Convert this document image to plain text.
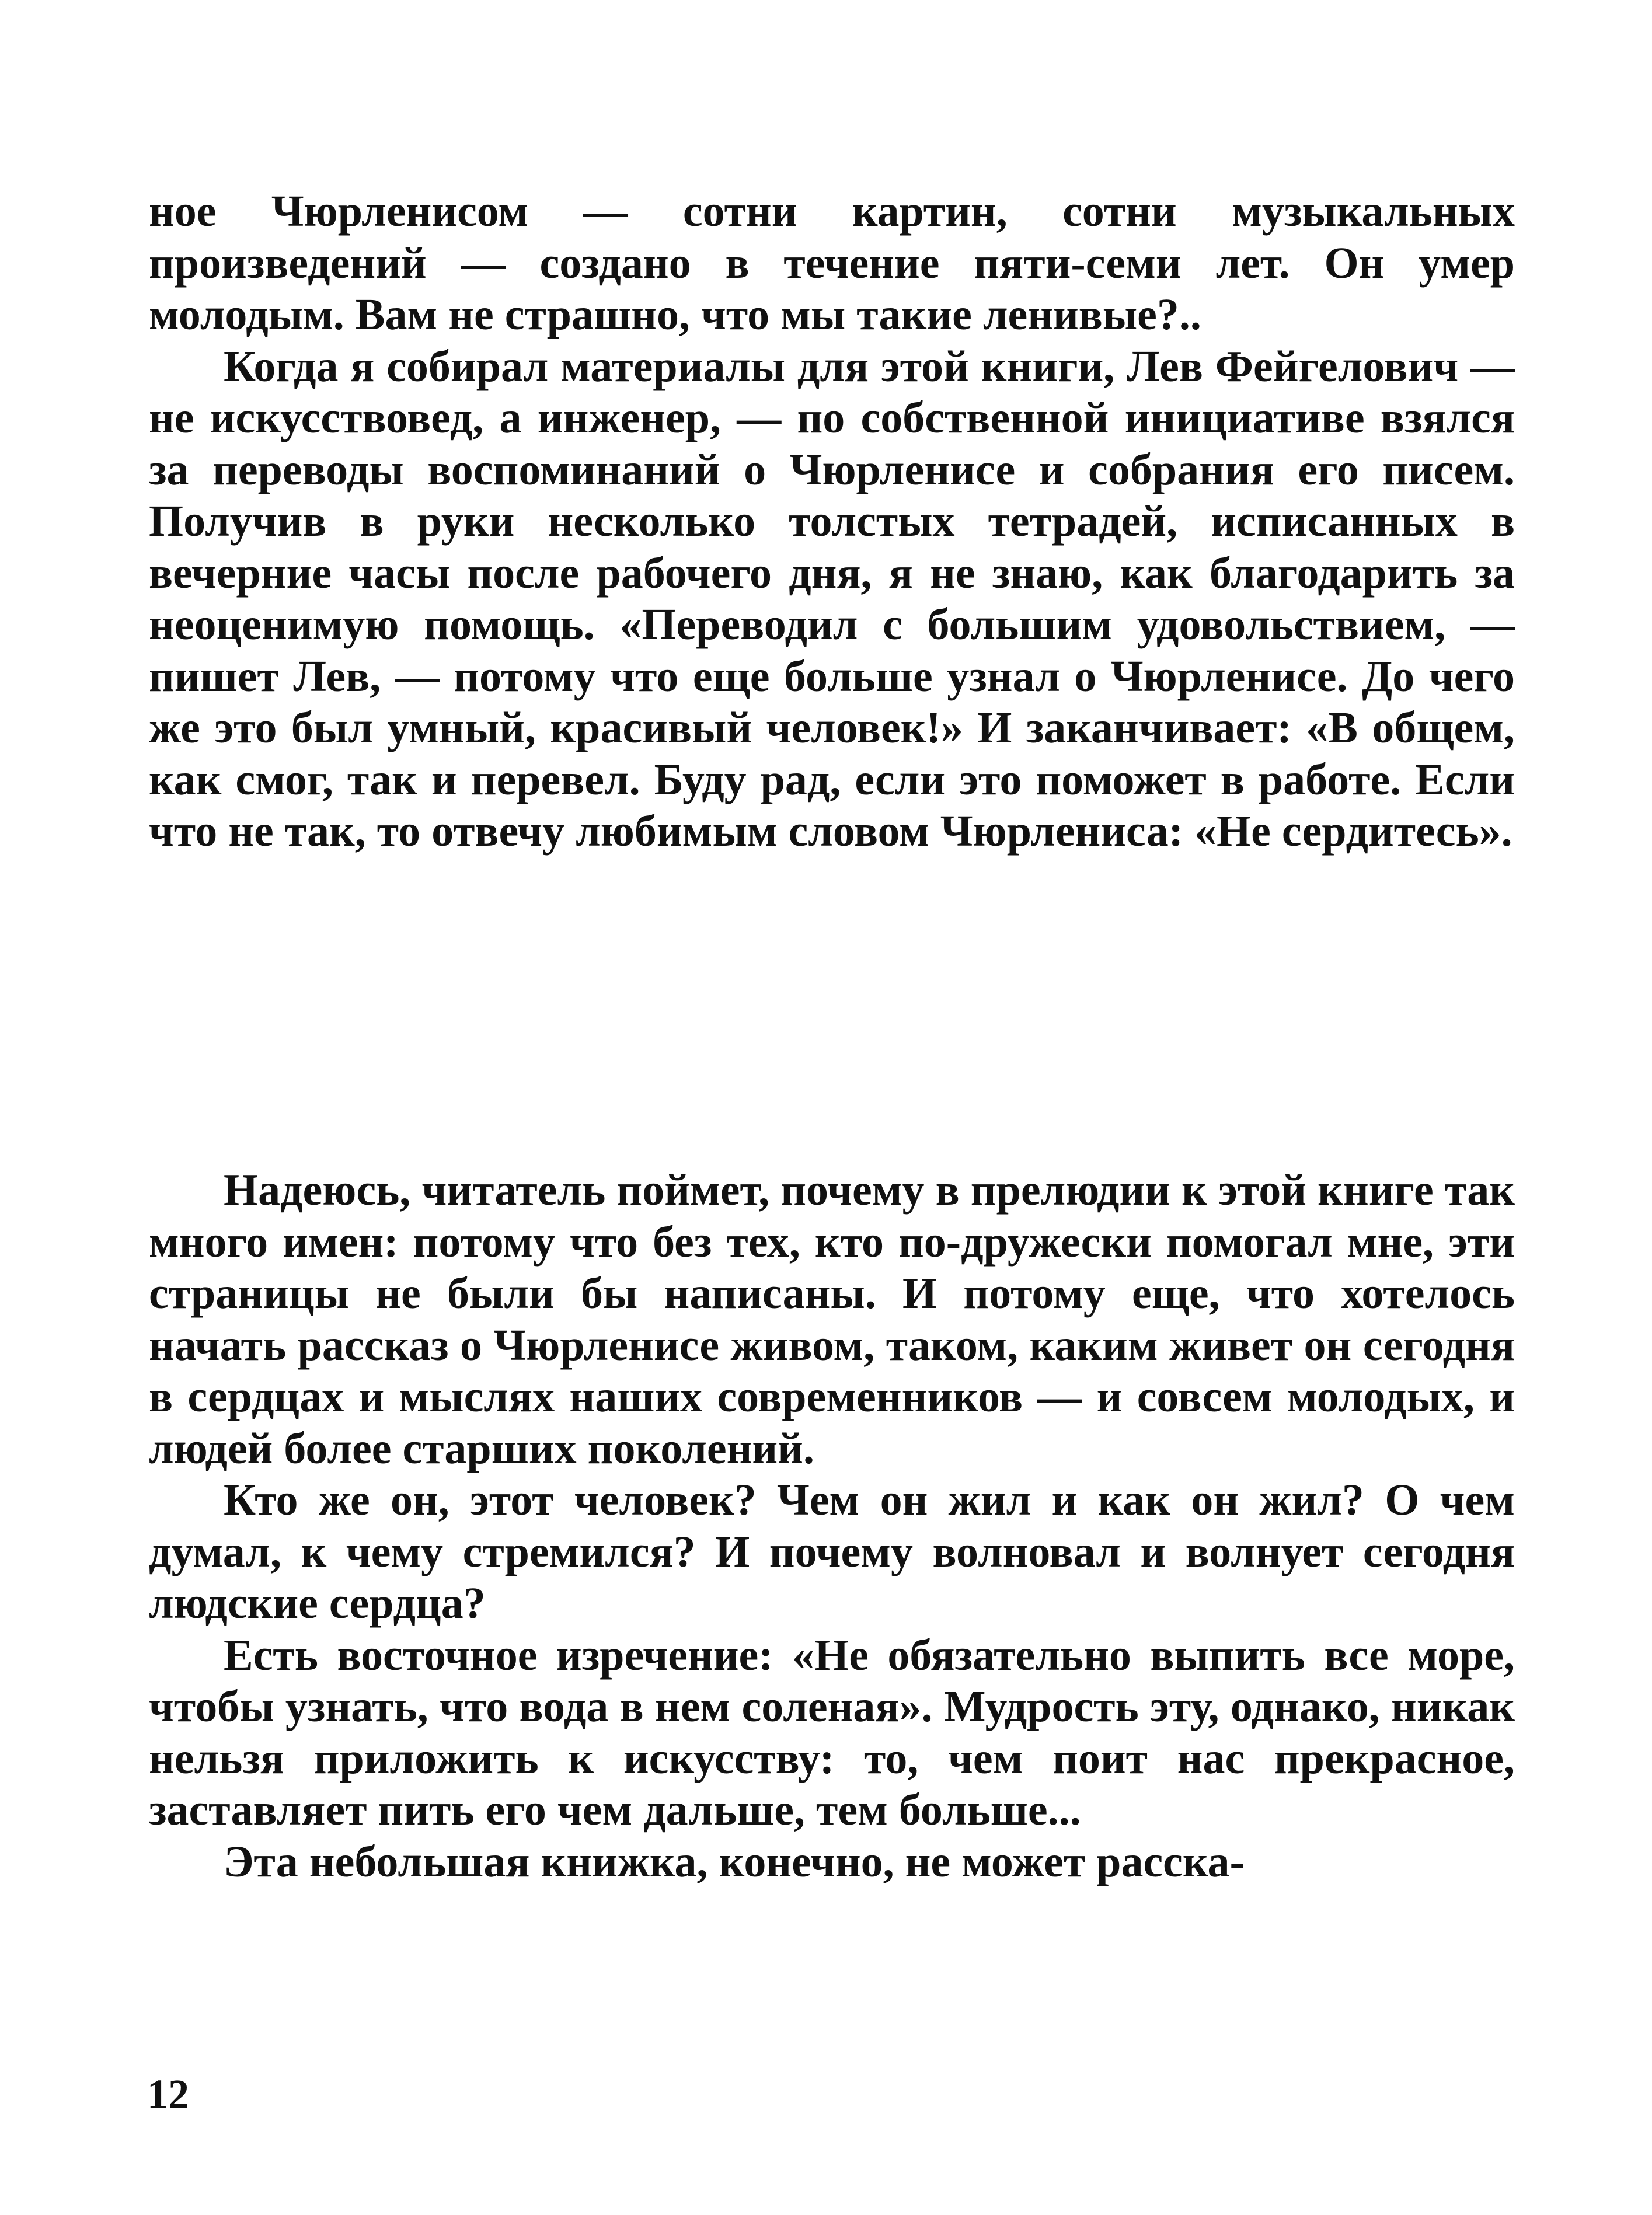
ное Чюрленисом — сотни картин, сотни музыкальных произведений — создано в течение пяти-семи лет. Он умер молодым. Вам не страшно, что мы такие ленивые?..

Когда я собирал материалы для этой книги, Лев Фейгелович — не искусствовед, а инженер, — по собственной инициативе взялся за переводы воспоминаний о Чюрленисе и собрания его писем. Получив в руки несколько толстых тетрадей, исписанных в вечерние часы после рабочего дня, я не знаю, как благодарить за неоценимую помощь. «Переводил с большим удовольствием, — пишет Лев, — потому что еще больше узнал о Чюрленисе. До чего же это был умный, красивый человек!» И заканчивает: «В общем, как смог, так и перевел. Буду рад, если это поможет в работе. Если что не так, то отвечу любимым словом Чюрлениса: «Не сердитесь».

Надеюсь, читатель поймет, почему в прелюдии к этой книге так много имен: потому что без тех, кто по-дружески помогал мне, эти страницы не были бы написаны. И потому еще, что хотелось начать рассказ о Чюрленисе живом, таком, каким живет он сегодня в сердцах и мыслях наших современников — и совсем молодых, и людей более старших поколений.

Кто же он, этот человек? Чем он жил и как он жил? О чем думал, к чему стремился? И почему волновал и волнует сегодня людские сердца?

Есть восточное изречение: «Не обязательно выпить все море, чтобы узнать, что вода в нем соленая». Мудрость эту, однако, никак нельзя приложить к искусству: то, чем поит нас прекрасное, заставляет пить его чем дальше, тем больше...

Эта небольшая книжка, конечно, не может расска-

12
